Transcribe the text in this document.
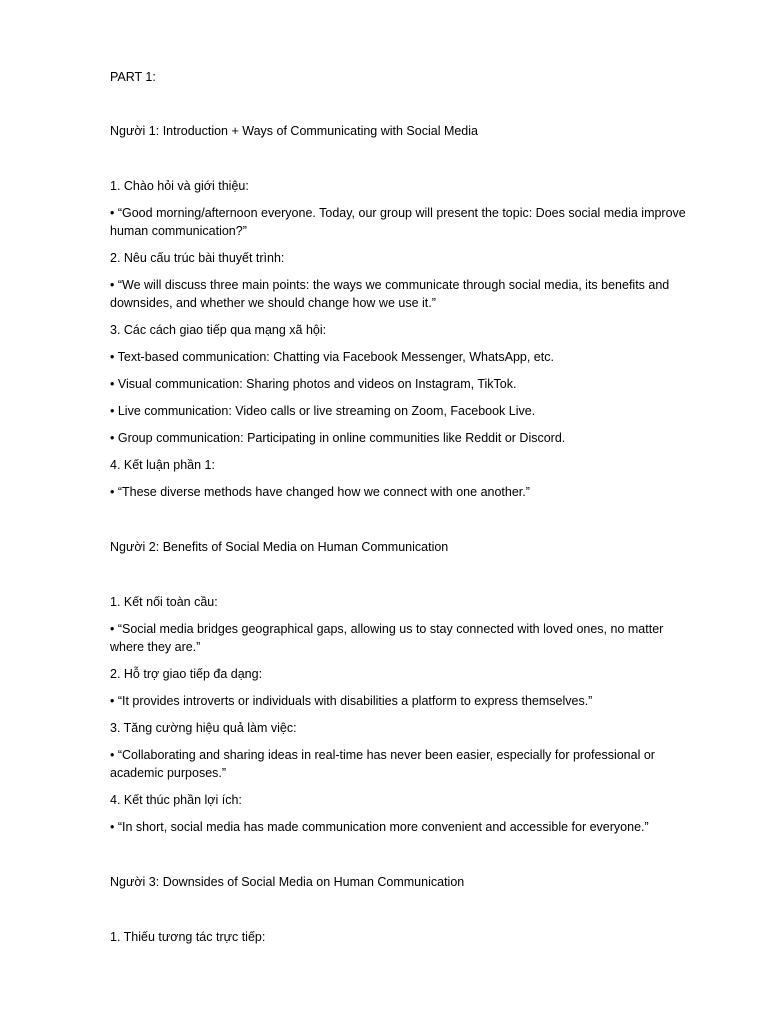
PART 1:

Người 1: Introduction + Ways of Communicating with Social Media

1. Chào hỏi và giới thiệu:

• “Good morning/afternoon everyone. Today, our group will present the topic: Does social media improve human communication?”

2. Nêu cấu trúc bài thuyết trình:

• “We will discuss three main points: the ways we communicate through social media, its benefits and downsides, and whether we should change how we use it.”

3. Các cách giao tiếp qua mạng xã hội:

• Text-based communication: Chatting via Facebook Messenger, WhatsApp, etc.

• Visual communication: Sharing photos and videos on Instagram, TikTok.

• Live communication: Video calls or live streaming on Zoom, Facebook Live.

• Group communication: Participating in online communities like Reddit or Discord.

4. Kết luận phần 1:

• “These diverse methods have changed how we connect with one another.”

Người 2: Benefits of Social Media on Human Communication

1. Kết nối toàn cầu:

• “Social media bridges geographical gaps, allowing us to stay connected with loved ones, no matter where they are.”

2. Hỗ trợ giao tiếp đa dạng:

• “It provides introverts or individuals with disabilities a platform to express themselves.”

3. Tăng cường hiệu quả làm việc:

• “Collaborating and sharing ideas in real-time has never been easier, especially for professional or academic purposes.”

4. Kết thúc phần lợi ích:

• “In short, social media has made communication more convenient and accessible for everyone.”

Người 3: Downsides of Social Media on Human Communication

1. Thiếu tương tác trực tiếp:
